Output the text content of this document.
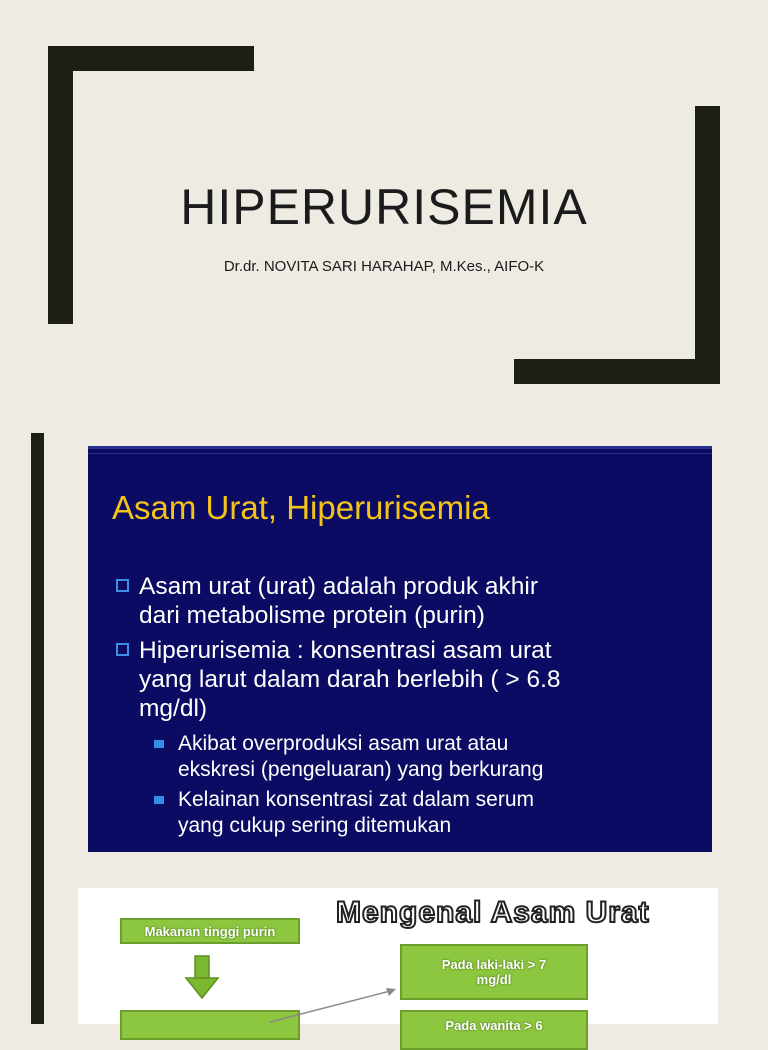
HIPERURISEMIA
Dr.dr. NOVITA SARI HARAHAP, M.Kes., AIFO-K
Asam Urat, Hiperurisemia
Asam urat (urat) adalah produk akhir
dari metabolisme protein (purin)
Hiperurisemia : konsentrasi asam urat
yang larut dalam darah berlebih ( > 6.8
mg/dl)
Akibat overproduksi asam urat atau
ekskresi (pengeluaran) yang berkurang
Kelainan konsentrasi zat dalam serum
yang cukup sering ditemukan
Makanan tinggi purin
Mengenal Asam Urat
Pada laki-laki > 7
mg/dl
Pada wanita > 6
